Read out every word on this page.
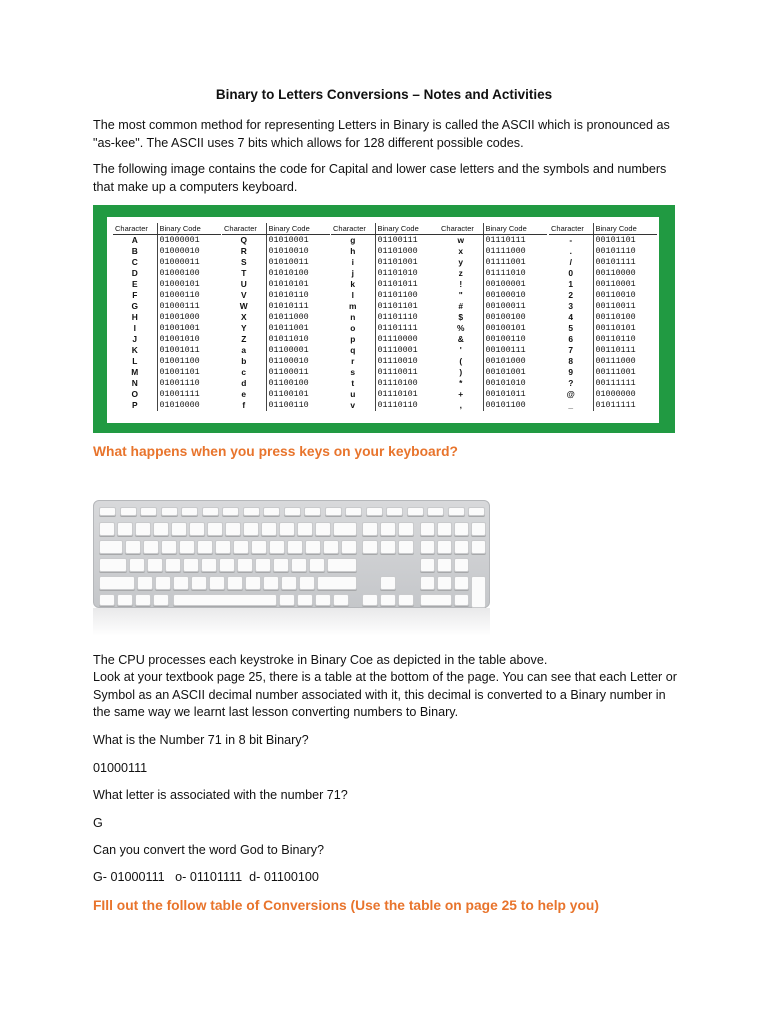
Binary to Letters Conversions – Notes and Activities

The most common method for representing Letters in Binary is called the ASCII which is pronounced as "as-kee". The ASCII uses 7 bits which allows for 128 different possible codes.

The following image contains the code for Capital and lower case letters and the symbols and numbers that make up a computers keyboard.

Character	Binary Code
A	01000001
B	01000010
C	01000011
D	01000100
E	01000101
F	01000110
G	01000111
H	01001000
I	01001001
J	01001010
K	01001011
L	01001100
M	01001101
N	01001110
O	01001111
P	01010000
Character	Binary Code
Q	01010001
R	01010010
S	01010011
T	01010100
U	01010101
V	01010110
W	01010111
X	01011000
Y	01011001
Z	01011010
a	01100001
b	01100010
c	01100011
d	01100100
e	01100101
f	01100110
Character	Binary Code
g	01100111
h	01101000
i	01101001
j	01101010
k	01101011
l	01101100
m	01101101
n	01101110
o	01101111
p	01110000
q	01110001
r	01110010
s	01110011
t	01110100
u	01110101
v	01110110
Character	Binary Code
w	01110111
x	01111000
y	01111001
z	01111010
!	00100001
"	00100010
#	00100011
$	00100100
%	00100101
&	00100110
'	00100111
(	00101000
)	00101001
*	00101010
+	00101011
,	00101100
Character	Binary Code
-	00101101
.	00101110
/	00101111
0	00110000
1	00110001
2	00110010
3	00110011
4	00110100
5	00110101
6	00110110
7	00110111
8	00111000
9	00111001
?	00111111
@	01000000
_	01011111

What happens when you press keys on your keyboard?

The CPU processes each keystroke in Binary Coe as depicted in the table above.

Look at your textbook page 25, there is a table at the bottom of the page. You can see that each Letter or Symbol as an ASCII decimal number associated with it, this decimal is converted to a Binary number in the same way we learnt last lesson converting numbers to Binary.

What is the Number 71 in 8 bit Binary?

01000111

What letter is associated with the number 71?

G

Can you convert the word God to Binary?

G- 01000111   o- 01101111  d- 01100100

FIll out the follow table of Conversions (Use the table on page 25 to help you)
